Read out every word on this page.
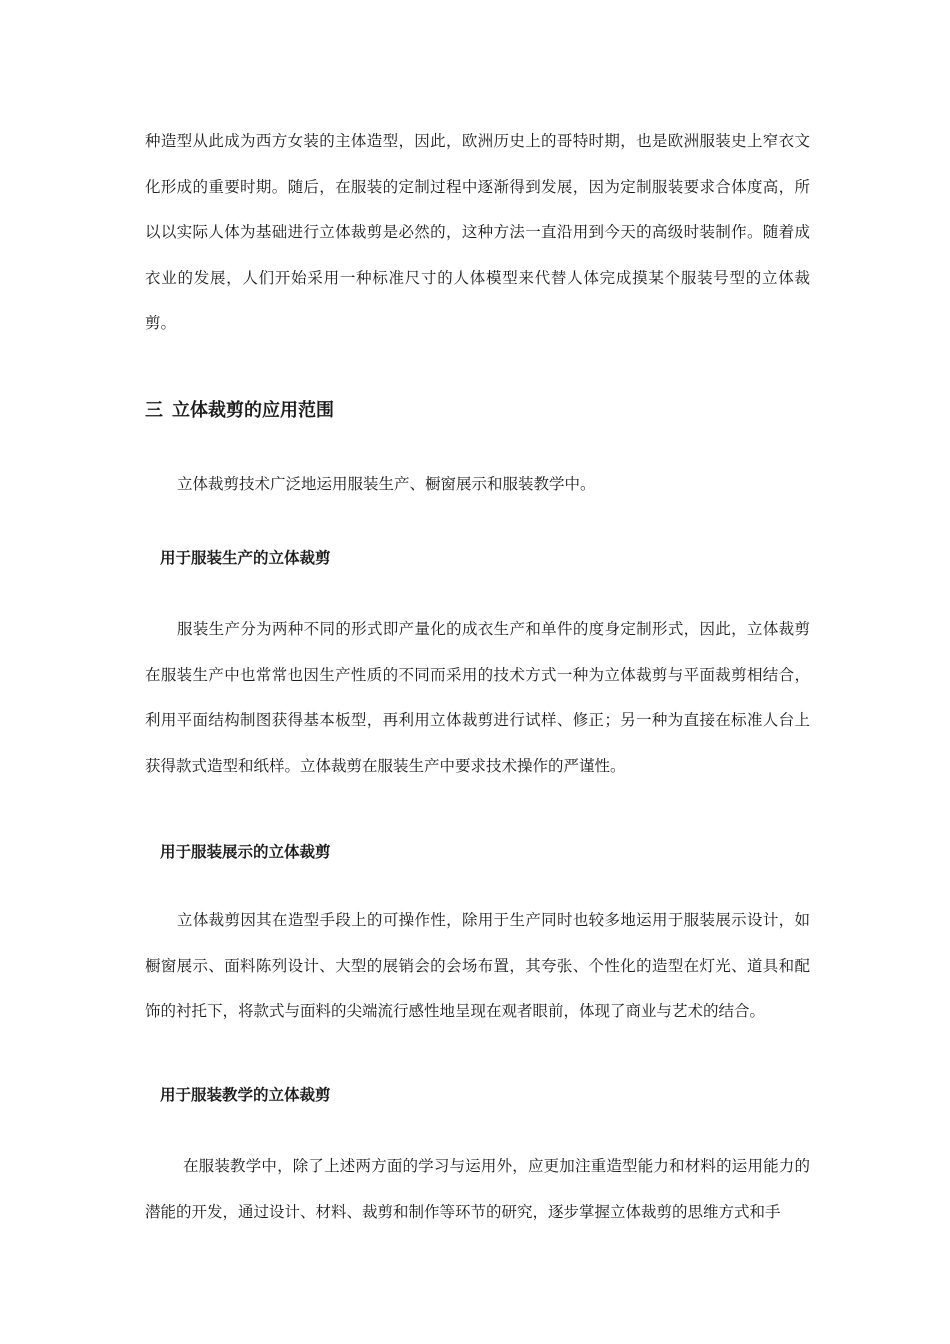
种造型从此成为西方女装的主体造型，因此，欧洲历史上的哥特时期，也是欧洲服装史上窄衣文化形成的重要时期。随后，在服装的定制过程中逐渐得到发展，因为定制服装要求合体度高，所以以实际人体为基础进行立体裁剪是必然的，这种方法一直沿用到今天的高级时装制作。随着成衣业的发展，人们开始采用一种标准尺寸的人体模型来代替人体完成摸某个服装号型的立体裁剪。

三 立体裁剪的应用范围

立体裁剪技术广泛地运用服装生产、橱窗展示和服装教学中。

用于服装生产的立体裁剪

服装生产分为两种不同的形式即产量化的成衣生产和单件的度身定制形式，因此，立体裁剪在服装生产中也常常也因生产性质的不同而采用的技术方式一种为立体裁剪与平面裁剪相结合，利用平面结构制图获得基本板型，再利用立体裁剪进行试样、修正；另一种为直接在标准人台上获得款式造型和纸样。立体裁剪在服装生产中要求技术操作的严谨性。

用于服装展示的立体裁剪

立体裁剪因其在造型手段上的可操作性，除用于生产同时也较多地运用于服装展示设计，如橱窗展示、面料陈列设计、大型的展销会的会场布置，其夸张、个性化的造型在灯光、道具和配饰的衬托下，将款式与面料的尖端流行感性地呈现在观者眼前，体现了商业与艺术的结合。

用于服装教学的立体裁剪

在服装教学中，除了上述两方面的学习与运用外，应更加注重造型能力和材料的运用能力的潜能的开发，通过设计、材料、裁剪和制作等环节的研究，逐步掌握立体裁剪的思维方式和手
